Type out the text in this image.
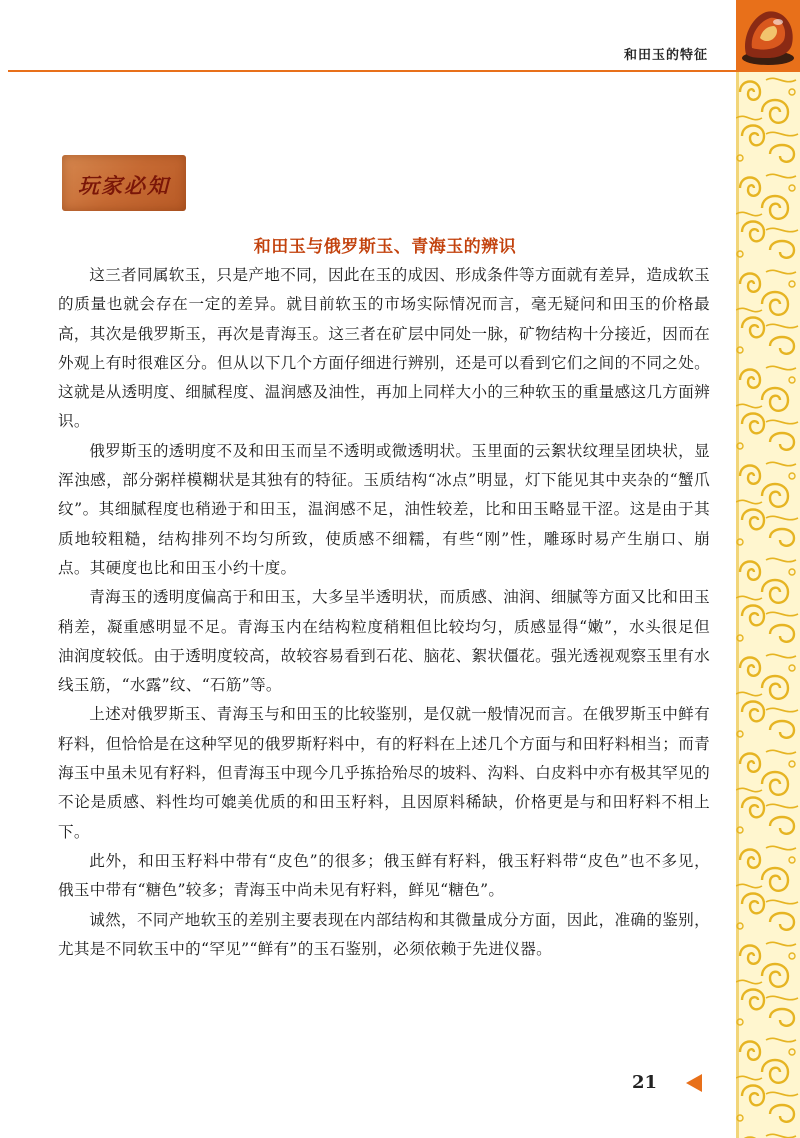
和田玉的特征
玩家必知
和田玉与俄罗斯玉、青海玉的辨识

这三者同属软玉，只是产地不同，因此在玉的成因、形成条件等方面就有差异，造成软玉的质量也就会存在一定的差异。就目前软玉的市场实际情况而言，毫无疑问和田玉的价格最高，其次是俄罗斯玉，再次是青海玉。这三者在矿层中同处一脉，矿物结构十分接近，因而在外观上有时很难区分。但从以下几个方面仔细进行辨别，还是可以看到它们之间的不同之处。这就是从透明度、细腻程度、温润感及油性，再加上同样大小的三种软玉的重量感这几方面辨识。

俄罗斯玉的透明度不及和田玉而呈不透明或微透明状。玉里面的云絮状纹理呈团块状，显浑浊感，部分粥样模糊状是其独有的特征。玉质结构“冰点”明显，灯下能见其中夹杂的“蟹爪纹”。其细腻程度也稍逊于和田玉，温润感不足，油性较差，比和田玉略显干涩。这是由于其质地较粗糙，结构排列不均匀所致，使质感不细糯，有些“刚”性，雕琢时易产生崩口、崩点。其硬度也比和田玉小约十度。

青海玉的透明度偏高于和田玉，大多呈半透明状，而质感、油润、细腻等方面又比和田玉稍差，凝重感明显不足。青海玉内在结构粒度稍粗但比较均匀，质感显得“嫩”，水头很足但油润度较低。由于透明度较高，故较容易看到石花、脑花、絮状僵花。强光透视观察玉里有水线玉筋，“水露”纹、“石筋”等。

上述对俄罗斯玉、青海玉与和田玉的比较鉴别，是仅就一般情况而言。在俄罗斯玉中鲜有籽料，但恰恰是在这种罕见的俄罗斯籽料中，有的籽料在上述几个方面与和田籽料相当；而青海玉中虽未见有籽料，但青海玉中现今几乎拣拾殆尽的坡料、沟料、白皮料中亦有极其罕见的不论是质感、料性均可媲美优质的和田玉籽料，且因原料稀缺，价格更是与和田籽料不相上下。

此外，和田玉籽料中带有“皮色”的很多；俄玉鲜有籽料，俄玉籽料带“皮色”也不多见，俄玉中带有“糖色”较多；青海玉中尚未见有籽料，鲜见“糖色”。

诚然，不同产地软玉的差别主要表现在内部结构和其微量成分方面，因此，准确的鉴别，尤其是不同软玉中的“罕见”“鲜有”的玉石鉴别，必须依赖于先进仪器。

21
